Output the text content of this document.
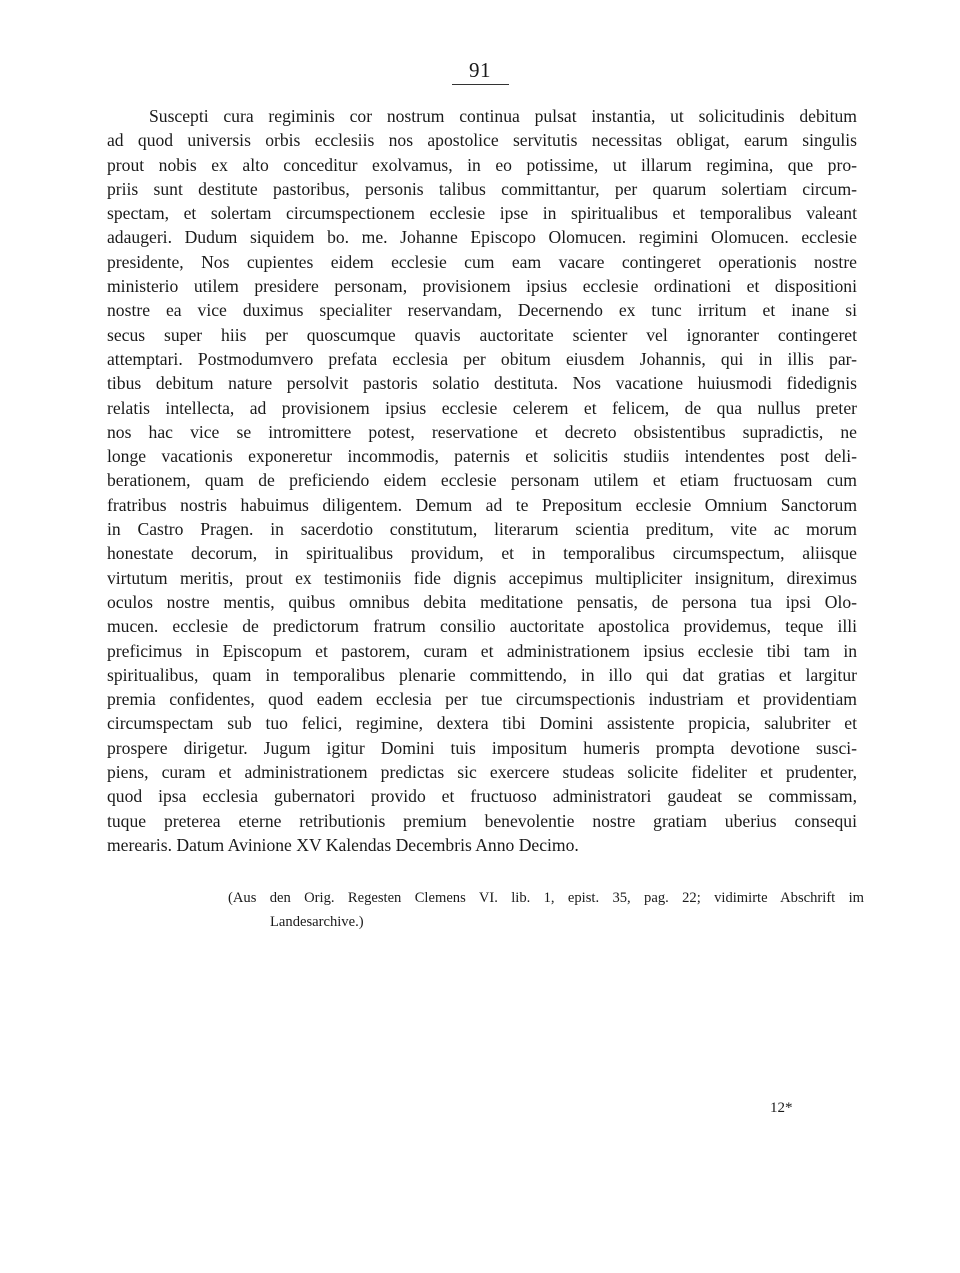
91
Suscepti cura regiminis cor nostrum continua pulsat instantia, ut solicitudinis debitum
ad quod universis orbis ecclesiis nos apostolice servitutis necessitas obligat, earum singulis
prout nobis ex alto conceditur exolvamus, in eo potissime, ut illarum regimina, que pro-
priis sunt destitute pastoribus, personis talibus committantur, per quarum solertiam circum-
spectam, et solertam circumspectionem ecclesie ipse in spiritualibus et temporalibus valeant
adaugeri. Dudum siquidem bo. me. Johanne Episcopo Olomucen. regimini Olomucen. ecclesie
presidente, Nos cupientes eidem ecclesie cum eam vacare contingeret operationis nostre
ministerio utilem presidere personam, provisionem ipsius ecclesie ordinationi et dispositioni
nostre ea vice duximus specialiter reservandam, Decernendo ex tunc irritum et inane si
secus super hiis per quoscumque quavis auctoritate scienter vel ignoranter contingeret
attemptari. Postmodumvero prefata ecclesia per obitum eiusdem Johannis, qui in illis par-
tibus debitum nature persolvit pastoris solatio destituta. Nos vacatione huiusmodi fidedignis
relatis intellecta, ad provisionem ipsius ecclesie celerem et felicem, de qua nullus preter
nos hac vice se intromittere potest, reservatione et decreto obsistentibus supradictis, ne
longe vacationis exponeretur incommodis, paternis et solicitis studiis intendentes post deli-
berationem, quam de preficiendo eidem ecclesie personam utilem et etiam fructuosam cum
fratribus nostris habuimus diligentem. Demum ad te Prepositum ecclesie Omnium Sanctorum
in Castro Pragen. in sacerdotio constitutum, literarum scientia preditum, vite ac morum
honestate decorum, in spiritualibus providum, et in temporalibus circumspectum, aliisque
virtutum meritis, prout ex testimoniis fide dignis accepimus multipliciter insignitum, direximus
oculos nostre mentis, quibus omnibus debita meditatione pensatis, de persona tua ipsi Olo-
mucen. ecclesie de predictorum fratrum consilio auctoritate apostolica providemus, teque illi
preficimus in Episcopum et pastorem, curam et administrationem ipsius ecclesie tibi tam in
spiritualibus, quam in temporalibus plenarie committendo, in illo qui dat gratias et largitur
premia confidentes, quod eadem ecclesia per tue circumspectionis industriam et providentiam
circumspectam sub tuo felici, regimine, dextera tibi Domini assistente propicia, salubriter et
prospere dirigetur. Jugum igitur Domini tuis impositum humeris prompta devotione susci-
piens, curam et administrationem predictas sic exercere studeas solicite fideliter et prudenter,
quod ipsa ecclesia gubernatori provido et fructuoso administratori gaudeat se commissam,
tuque preterea eterne retributionis premium benevolentie nostre gratiam uberius consequi
merearis. Datum Avinione XV Kalendas Decembris Anno Decimo.
(Aus den Orig. Regesten Clemens VI. lib. 1, epist. 35, pag. 22; vidimirte Abschrift im
Landesarchive.)
12*
